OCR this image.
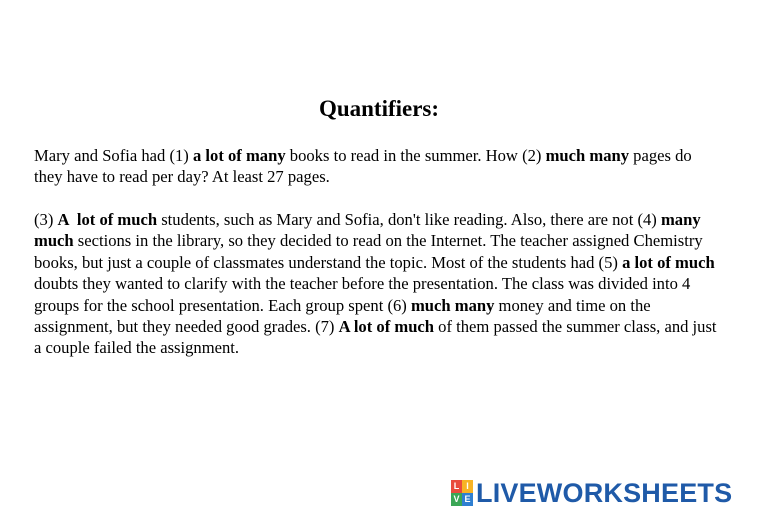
Quantifiers:

Mary and Sofia had (1) a lot of many books to read in the summer. How (2) much many pages do they have to read per day? At least 27 pages.

(3) A  lot of much students, such as Mary and Sofia, don't like reading. Also, there are not (4) many much sections in the library, so they decided to read on the Internet. The teacher assigned Chemistry books, but just a couple of classmates understand the topic. Most of the students had (5) a lot of much doubts they wanted to clarify with the teacher before the presentation. The class was divided into 4 groups for the school presentation. Each group spent (6) much many money and time on the assignment, but they needed good grades. (7) A lot of much of them passed the summer class, and just a couple failed the assignment.

L I
V E LIVEWORKSHEETS
